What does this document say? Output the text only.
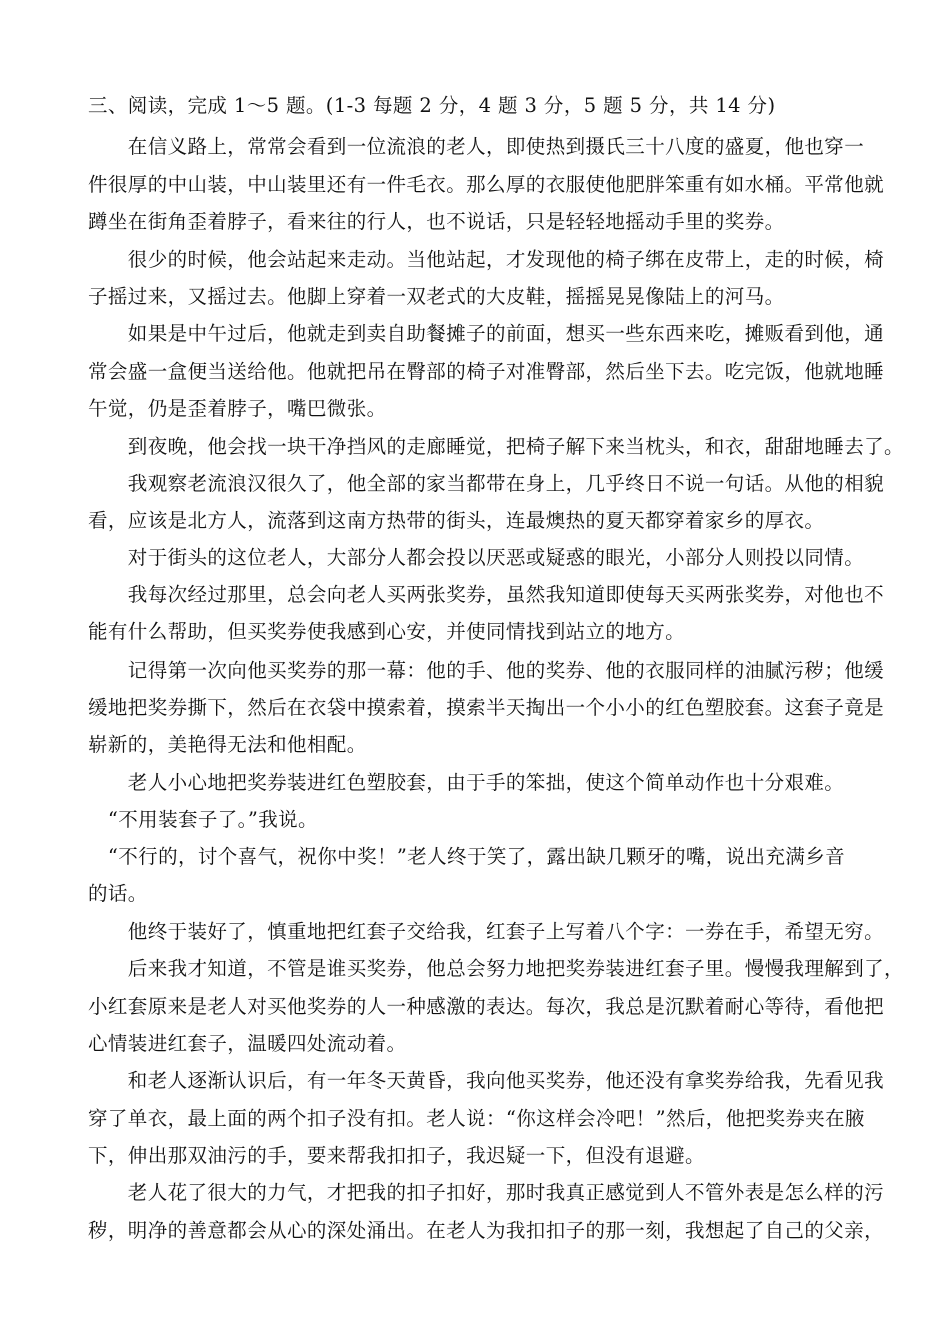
三、阅读，完成 1～5 题。(1-3 每题 2 分，4 题 3 分，5 题 5 分，共 14 分)
　　在信义路上，常常会看到一位流浪的老人，即使热到摄氏三十八度的盛夏，他也穿一
件很厚的中山装，中山装里还有一件毛衣。那么厚的衣服使他肥胖笨重有如水桶。平常他就
蹲坐在街角歪着脖子，看来往的行人，也不说话，只是轻轻地摇动手里的奖券。
　　很少的时候，他会站起来走动。当他站起，才发现他的椅子绑在皮带上，走的时候，椅
子摇过来，又摇过去。他脚上穿着一双老式的大皮鞋，摇摇晃晃像陆上的河马。
　　如果是中午过后，他就走到卖自助餐摊子的前面，想买一些东西来吃，摊贩看到他，通
常会盛一盒便当送给他。他就把吊在臀部的椅子对准臀部，然后坐下去。吃完饭，他就地睡
午觉，仍是歪着脖子，嘴巴微张。
　　到夜晚，他会找一块干净挡风的走廊睡觉，把椅子解下来当枕头，和衣，甜甜地睡去了。
　　我观察老流浪汉很久了，他全部的家当都带在身上，几乎终日不说一句话。从他的相貌
看，应该是北方人，流落到这南方热带的街头，连最燠热的夏天都穿着家乡的厚衣。
　　对于街头的这位老人，大部分人都会投以厌恶或疑惑的眼光，小部分人则投以同情。
　　我每次经过那里，总会向老人买两张奖券，虽然我知道即使每天买两张奖券，对他也不
能有什么帮助，但买奖券使我感到心安，并使同情找到站立的地方。
　　记得第一次向他买奖券的那一幕：他的手、他的奖券、他的衣服同样的油腻污秽；他缓
缓地把奖券撕下，然后在衣袋中摸索着，摸索半天掏出一个小小的红色塑胶套。这套子竟是
崭新的，美艳得无法和他相配。
　　老人小心地把奖券装进红色塑胶套，由于手的笨拙，使这个简单动作也十分艰难。
　“不用装套子了。”我说。
　“不行的，讨个喜气，祝你中奖！”老人终于笑了，露出缺几颗牙的嘴，说出充满乡音
的话。
　　他终于装好了，慎重地把红套子交给我，红套子上写着八个字：一券在手，希望无穷。
　　后来我才知道，不管是谁买奖券，他总会努力地把奖券装进红套子里。慢慢我理解到了，
小红套原来是老人对买他奖券的人一种感激的表达。每次，我总是沉默着耐心等待，看他把
心情装进红套子，温暖四处流动着。
　　和老人逐渐认识后，有一年冬天黄昏，我向他买奖券，他还没有拿奖券给我，先看见我
穿了单衣，最上面的两个扣子没有扣。老人说：“你这样会冷吧！”然后，他把奖券夹在腋
下，伸出那双油污的手，要来帮我扣扣子，我迟疑一下，但没有退避。
　　老人花了很大的力气，才把我的扣子扣好，那时我真正感觉到人不管外表是怎么样的污
秽，明净的善意都会从心的深处涌出。在老人为我扣扣子的那一刻，我想起了自己的父亲，
